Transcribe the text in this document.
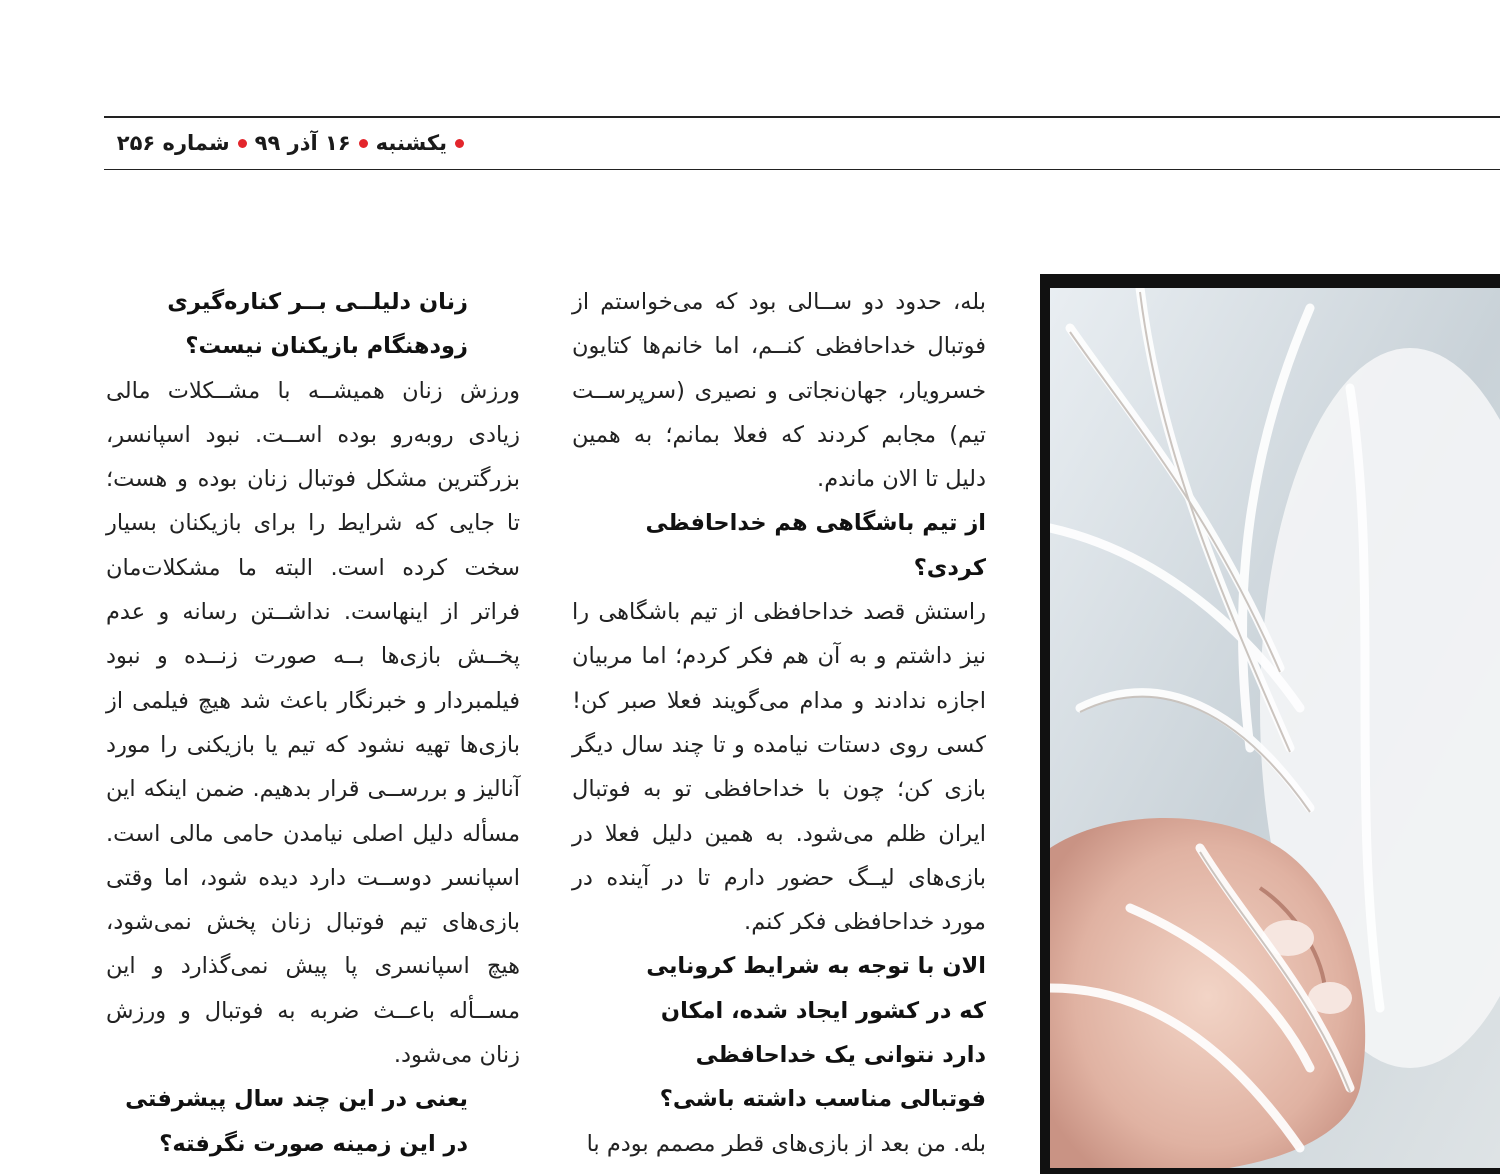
یکشنبه
۱۶ آذر ۹۹
شماره ۲۵۶

بله، حدود دو ســالی بود که می‌خواستم از فوتبال خداحافظی کنــم، اما خانم‌ها کتایون خسرویار، جهان‌نجاتی و نصیری (سرپرســت تیم) مجابم کردند که فعلا بمانم؛ به همین دلیل تا الان ماندم.

از تیم باشگاهی هم خداحافظی کردی؟

راستش قصد خداحافظی از تیم باشگاهی را نیز داشتم و به آن هم فکر کردم؛ اما مربیان اجازه ندادند و مدام می‌گویند فعلا صبر کن! کسی روی دستات نیامده و تا چند سال دیگر بازی کن؛ چون با خداحافظی تو به فوتبال ایران ظلم می‌شود. به همین دلیل فعلا در بازی‌های لیــگ حضور دارم تا در آینده در مورد خداحافظی فکر کنم.

الان با توجه به شرایط کرونایی که در کشور ایجاد شده، امکان دارد نتوانی یک خداحافظی فوتبالی مناسب داشته باشی؟

بله. من بعد از بازی‌های قطر مصمم بودم با

زنان دلیلــی بــر کناره‌گیری زودهنگام بازیکنان نیست؟

ورزش زنان همیشــه با مشــکلات مالی زیادی روبه‌رو بوده اســت. نبود اسپانسر، بزرگترین مشکل فوتبال زنان بوده و هست؛ تا جایی که شرایط را برای بازیکنان بسیار سخت کرده است. البته ما مشکلات‌مان فراتر از اینهاست. نداشــتن رسانه و عدم پخــش بازی‌ها بــه صورت زنــده و نبود فیلمبردار و خبرنگار باعث شد هیچ فیلمی از بازی‌ها تهیه نشود که تیم یا بازیکنی را مورد آنالیز و بررســی قرار بدهیم. ضمن اینکه این مسأله دلیل اصلی نیامدن حامی مالی است. اسپانسر دوســت دارد دیده شود، اما وقتی بازی‌های تیم فوتبال زنان پخش نمی‌شود، هیچ اسپانسری پا پیش نمی‌گذارد و این مســأله باعــث ضربه به فوتبال و ورزش زنان می‌شود.

یعنی در این چند سال پیشرفتی در این زمینه صورت نگرفته؟
